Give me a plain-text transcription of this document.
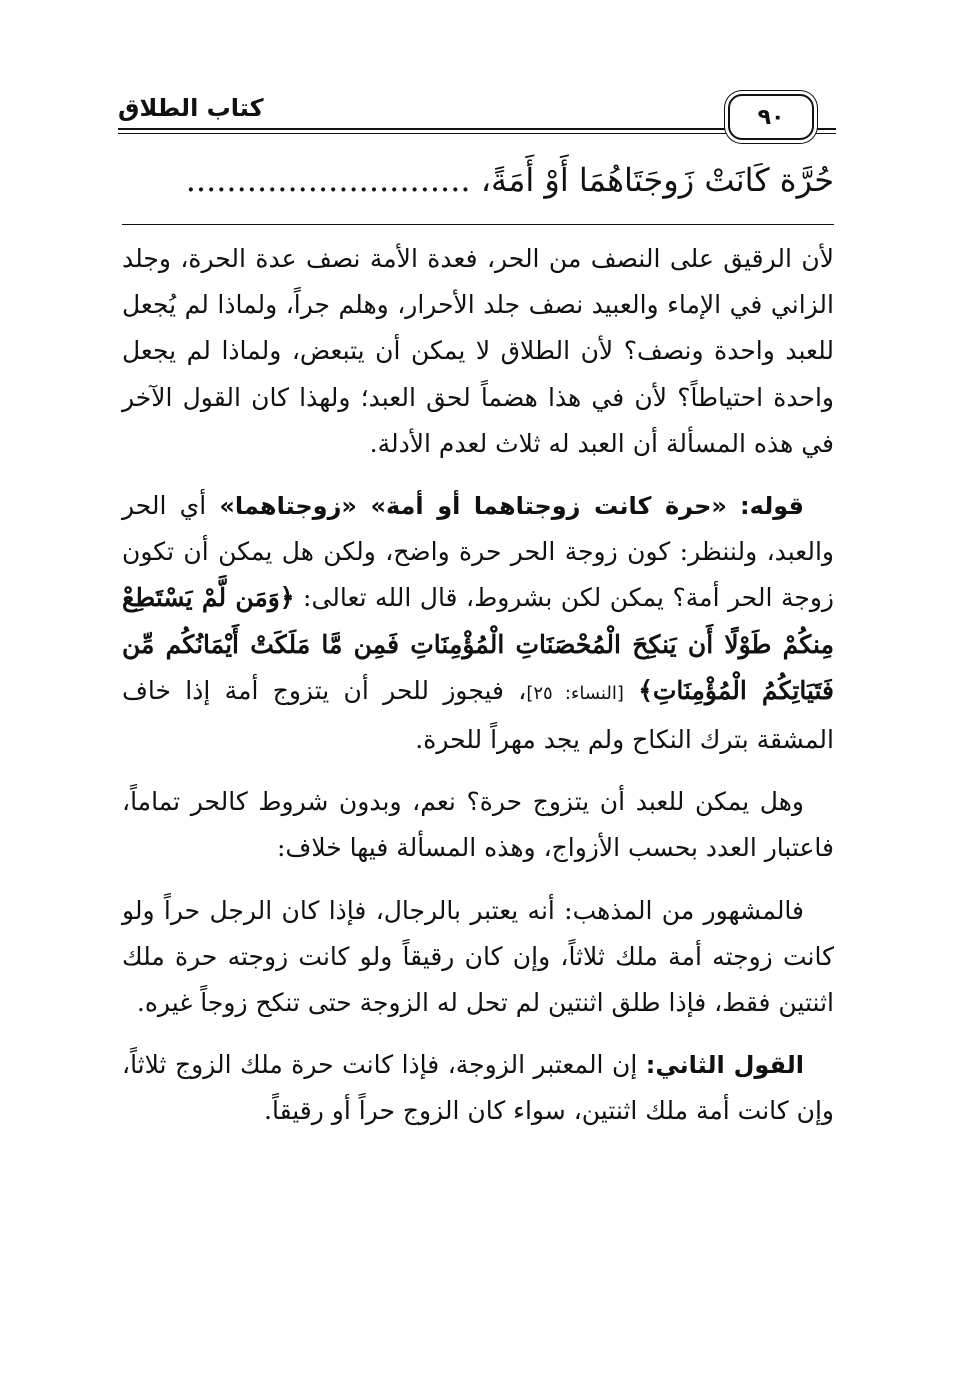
كتاب الطلاق	٩٠
حُرَّة كَانَتْ زَوجَتَاهُمَا أَوْ أَمَةً، ............................

لأن الرقيق على النصف من الحر، فعدة الأمة نصف عدة الحرة، وجلد الزاني في الإماء والعبيد نصف جلد الأحرار، وهلم جراً، ولماذا لم يُجعل للعبد واحدة ونصف؟ لأن الطلاق لا يمكن أن يتبعض، ولماذا لم يجعل واحدة احتياطاً؟ لأن في هذا هضماً لحق العبد؛ ولهذا كان القول الآخر في هذه المسألة أن العبد له ثلاث لعدم الأدلة.

قوله: «حرة كانت زوجتاهما أو أمة» «زوجتاهما» أي الحر والعبد، ولننظر: كون زوجة الحر حرة واضح، ولكن هل يمكن أن تكون زوجة الحر أمة؟ يمكن لكن بشروط، قال الله تعالى: ﴿وَمَن لَّمْ يَسْتَطِعْ مِنكُمْ طَوْلًا أَن يَنكِحَ الْمُحْصَنَاتِ الْمُؤْمِنَاتِ فَمِن مَّا مَلَكَتْ أَيْمَانُكُم مِّن فَتَيَاتِكُمُ الْمُؤْمِنَاتِ﴾ [النساء: ٢٥]، فيجوز للحر أن يتزوج أمة إذا خاف المشقة بترك النكاح ولم يجد مهراً للحرة.

وهل يمكن للعبد أن يتزوج حرة؟ نعم، وبدون شروط كالحر تماماً، فاعتبار العدد بحسب الأزواج، وهذه المسألة فيها خلاف:

فالمشهور من المذهب: أنه يعتبر بالرجال، فإذا كان الرجل حراً ولو كانت زوجته أمة ملك ثلاثاً، وإن كان رقيقاً ولو كانت زوجته حرة ملك اثنتين فقط، فإذا طلق اثنتين لم تحل له الزوجة حتى تنكح زوجاً غيره.

القول الثاني: إن المعتبر الزوجة، فإذا كانت حرة ملك الزوج ثلاثاً، وإن كانت أمة ملك اثنتين، سواء كان الزوج حراً أو رقيقاً.
